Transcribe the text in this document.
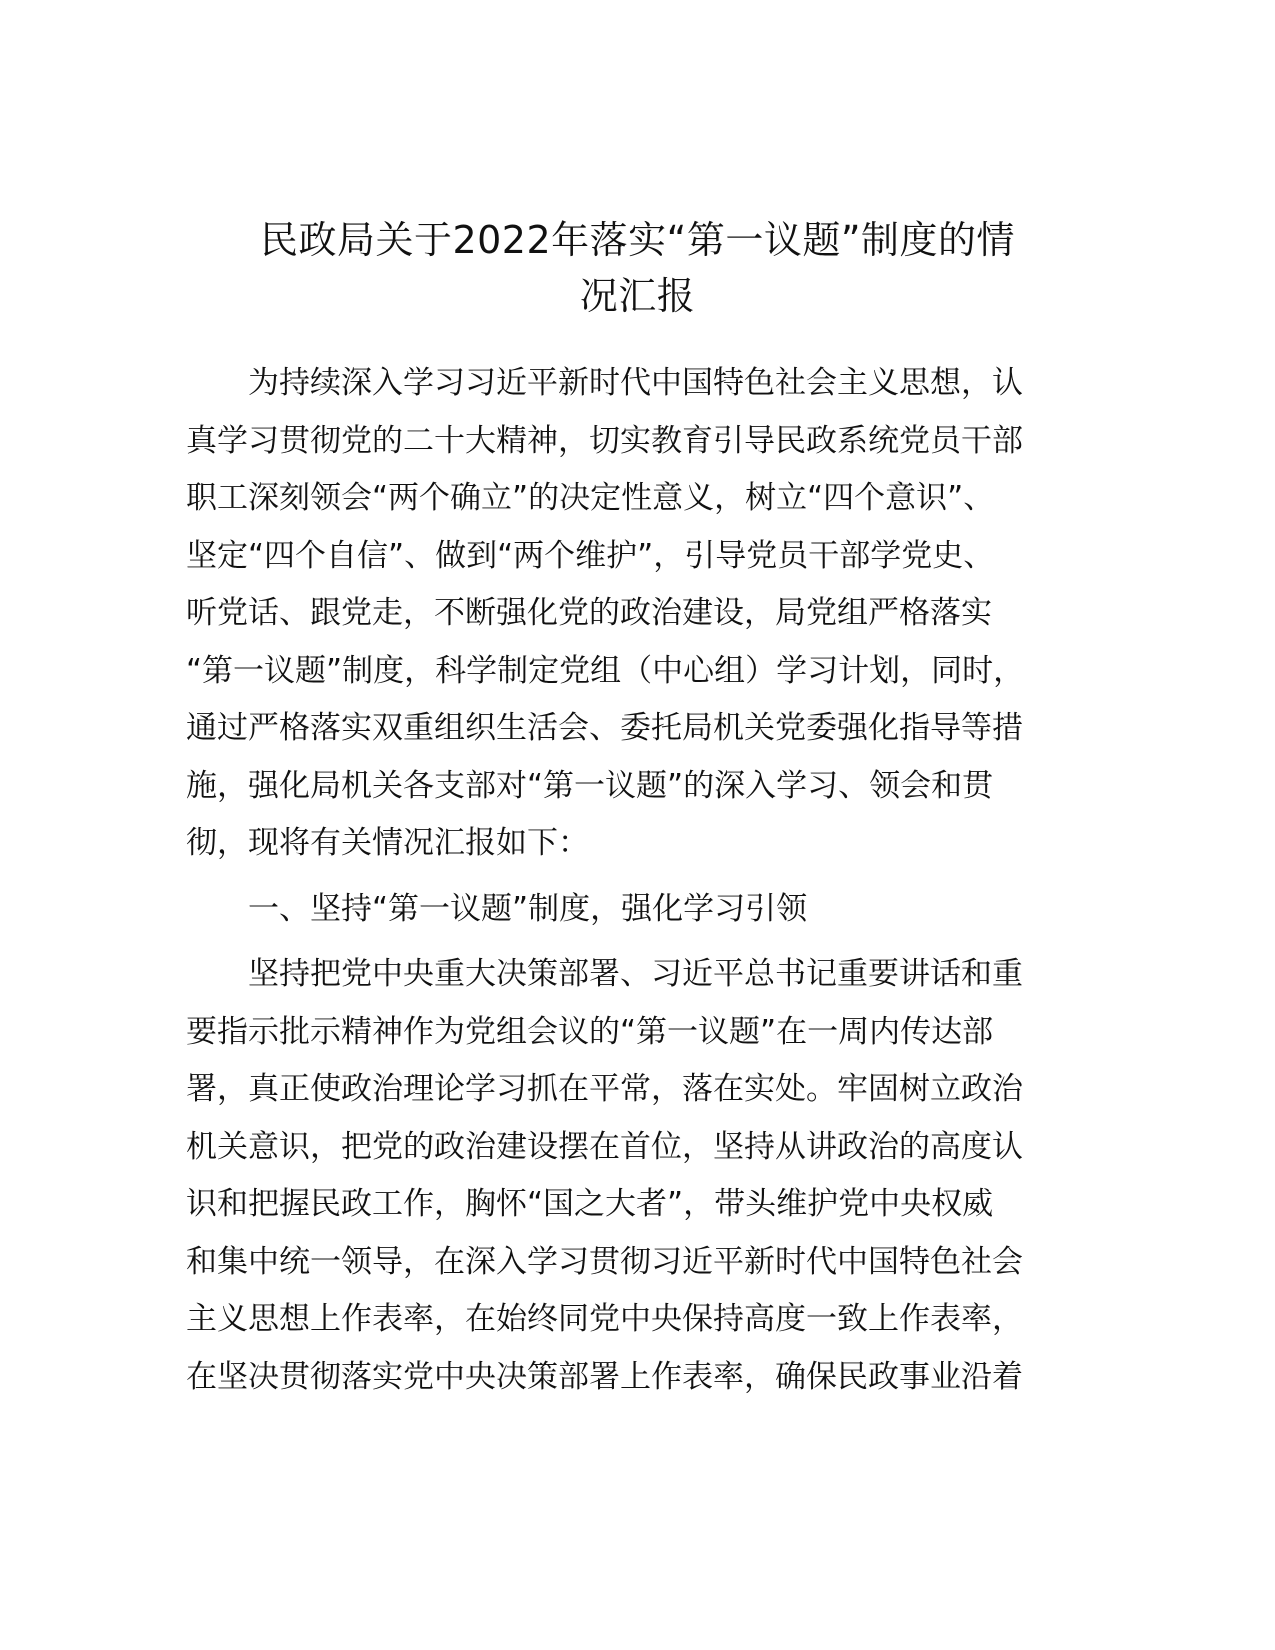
民政局关于2022年落实“第一议题”制度的情
况汇报
为持续深入学习习近平新时代中国特色社会主义思想，认
真学习贯彻党的二十大精神，切实教育引导民政系统党员干部
职工深刻领会“两个确立”的决定性意义，树立“四个意识”、
坚定“四个自信”、做到“两个维护”，引导党员干部学党史、
听党话、跟党走，不断强化党的政治建设，局党组严格落实
“第一议题”制度，科学制定党组（中心组）学习计划，同时，
通过严格落实双重组织生活会、委托局机关党委强化指导等措
施，强化局机关各支部对“第一议题”的深入学习、领会和贯
彻，现将有关情况汇报如下：
一、坚持“第一议题”制度，强化学习引领
坚持把党中央重大决策部署、习近平总书记重要讲话和重
要指示批示精神作为党组会议的“第一议题”在一周内传达部
署，真正使政治理论学习抓在平常，落在实处。牢固树立政治
机关意识，把党的政治建设摆在首位，坚持从讲政治的高度认
识和把握民政工作，胸怀“国之大者”，带头维护党中央权威
和集中统一领导，在深入学习贯彻习近平新时代中国特色社会
主义思想上作表率，在始终同党中央保持高度一致上作表率，
在坚决贯彻落实党中央决策部署上作表率，确保民政事业沿着
